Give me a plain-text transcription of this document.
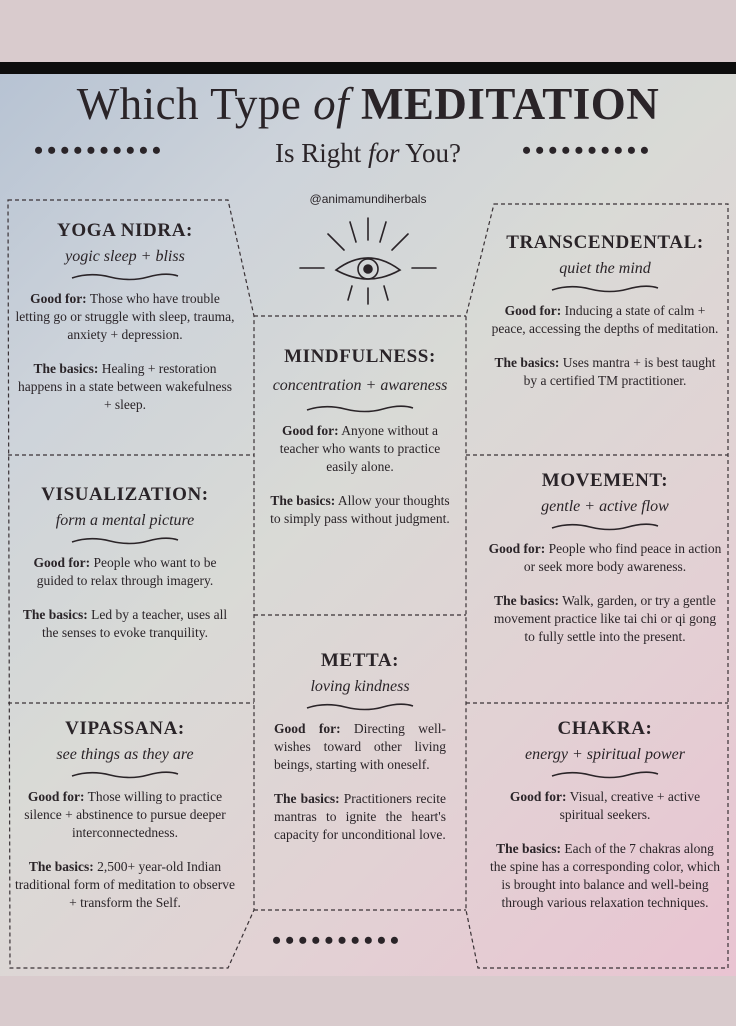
Which Type of MEDITATION
Is Right for You?
••••••••••	••••••••••
@animamundiherbals
••••••••••
YOGA NIDRA:
yogic sleep + bliss
Good for: Those who have trouble letting go or struggle with sleep, trauma, anxiety + depression.
The basics: Healing + restoration happens in a state between wakefulness + sleep.
TRANSCENDENTAL:
quiet the mind
Good for: Inducing a state of calm + peace, accessing the depths of meditation.
The basics: Uses mantra + is best taught by a certified TM practitioner.
MINDFULNESS:
concentration + awareness
Good for: Anyone without a teacher who wants to practice easily alone.
The basics: Allow your thoughts to simply pass without judgment.
VISUALIZATION:
form a mental picture
Good for: People who want to be guided to relax through imagery.
The basics: Led by a teacher, uses all the senses to evoke tranquility.
MOVEMENT:
gentle + active flow
Good for: People who find peace in action or seek more body awareness.
The basics: Walk, garden, or try a gentle movement practice like tai chi or qi gong to fully settle into the present.
METTA:
loving kindness
Good for: Directing well-wishes toward other living beings, starting with oneself.
The basics: Practitioners recite mantras to ignite the heart's capacity for unconditional love.
VIPASSANA:
see things as they are
Good for: Those willing to practice silence + abstinence to pursue deeper interconnectedness.
The basics: 2,500+ year-old Indian traditional form of meditation to observe + transform the Self.
CHAKRA:
energy + spiritual power
Good for: Visual, creative + active spiritual seekers.
The basics: Each of the 7 chakras along the spine has a corresponding color, which is brought into balance and well-being through various relaxation techniques.
